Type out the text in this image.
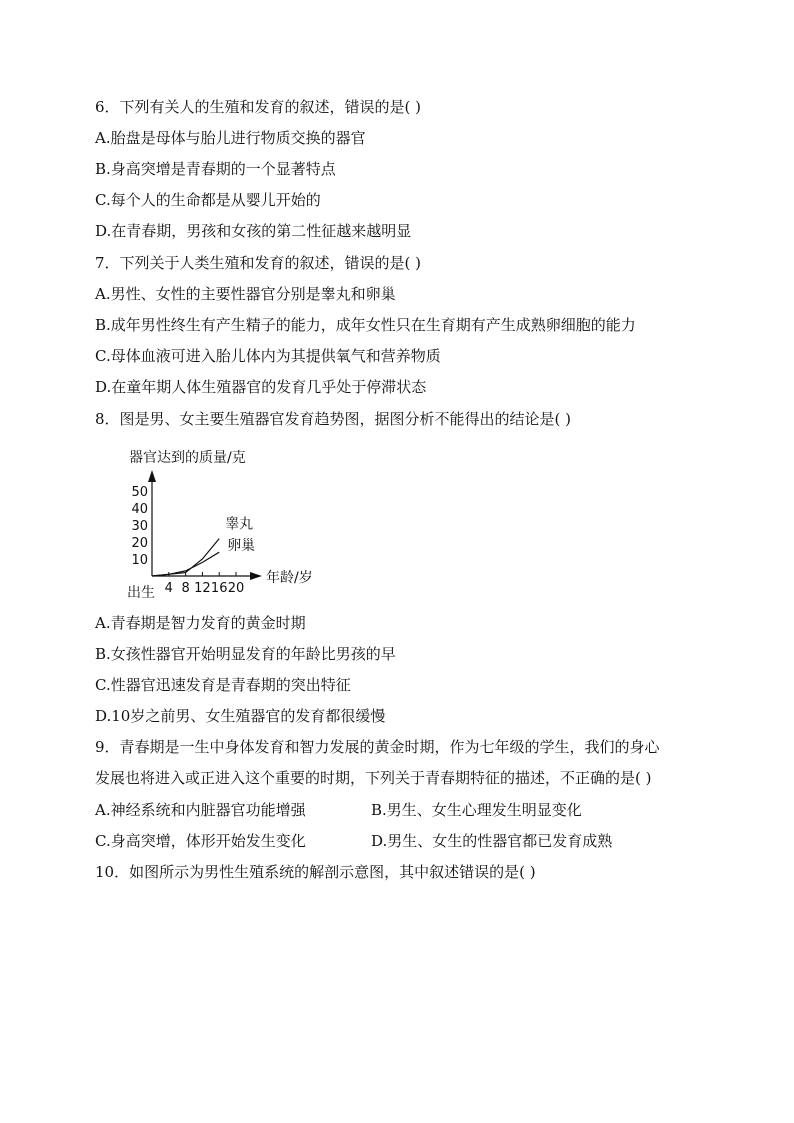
6．下列有关人的生殖和发育的叙述，错误的是( )
A.胎盘是母体与胎儿进行物质交换的器官
B.身高突增是青春期的一个显著特点
C.每个人的生命都是从婴儿开始的
D.在青春期，男孩和女孩的第二性征越来越明显
7．下列关于人类生殖和发育的叙述，错误的是( )
A.男性、女性的主要性器官分别是睾丸和卵巢
B.成年男性终生有产生精子的能力，成年女性只在生育期有产生成熟卵细胞的能力
C.母体血液可进入胎儿体内为其提供氧气和营养物质
D.在童年期人体生殖器官的发育几乎处于停滞状态
8．图是男、女主要生殖器官发育趋势图，据图分析不能得出的结论是( )
器官达到的质量/克
年龄/岁
出生
10
20
30
40
50
4 8 12 16 20
睾丸
卵巢
A.青春期是智力发育的黄金时期
B.女孩性器官开始明显发育的年龄比男孩的早
C.性器官迅速发育是青春期的突出特征
D.10岁之前男、女生殖器官的发育都很缓慢
9．青春期是一生中身体发育和智力发展的黄金时期，作为七年级的学生，我们的身心
发展也将进入或正进入这个重要的时期，下列关于青春期特征的描述，不正确的是( )
A.神经系统和内脏器官功能增强	B.男生、女生心理发生明显变化
C.身高突增，体形开始发生变化	D.男生、女生的性器官都已发育成熟
10．如图所示为男性生殖系统的解剖示意图，其中叙述错误的是( )
